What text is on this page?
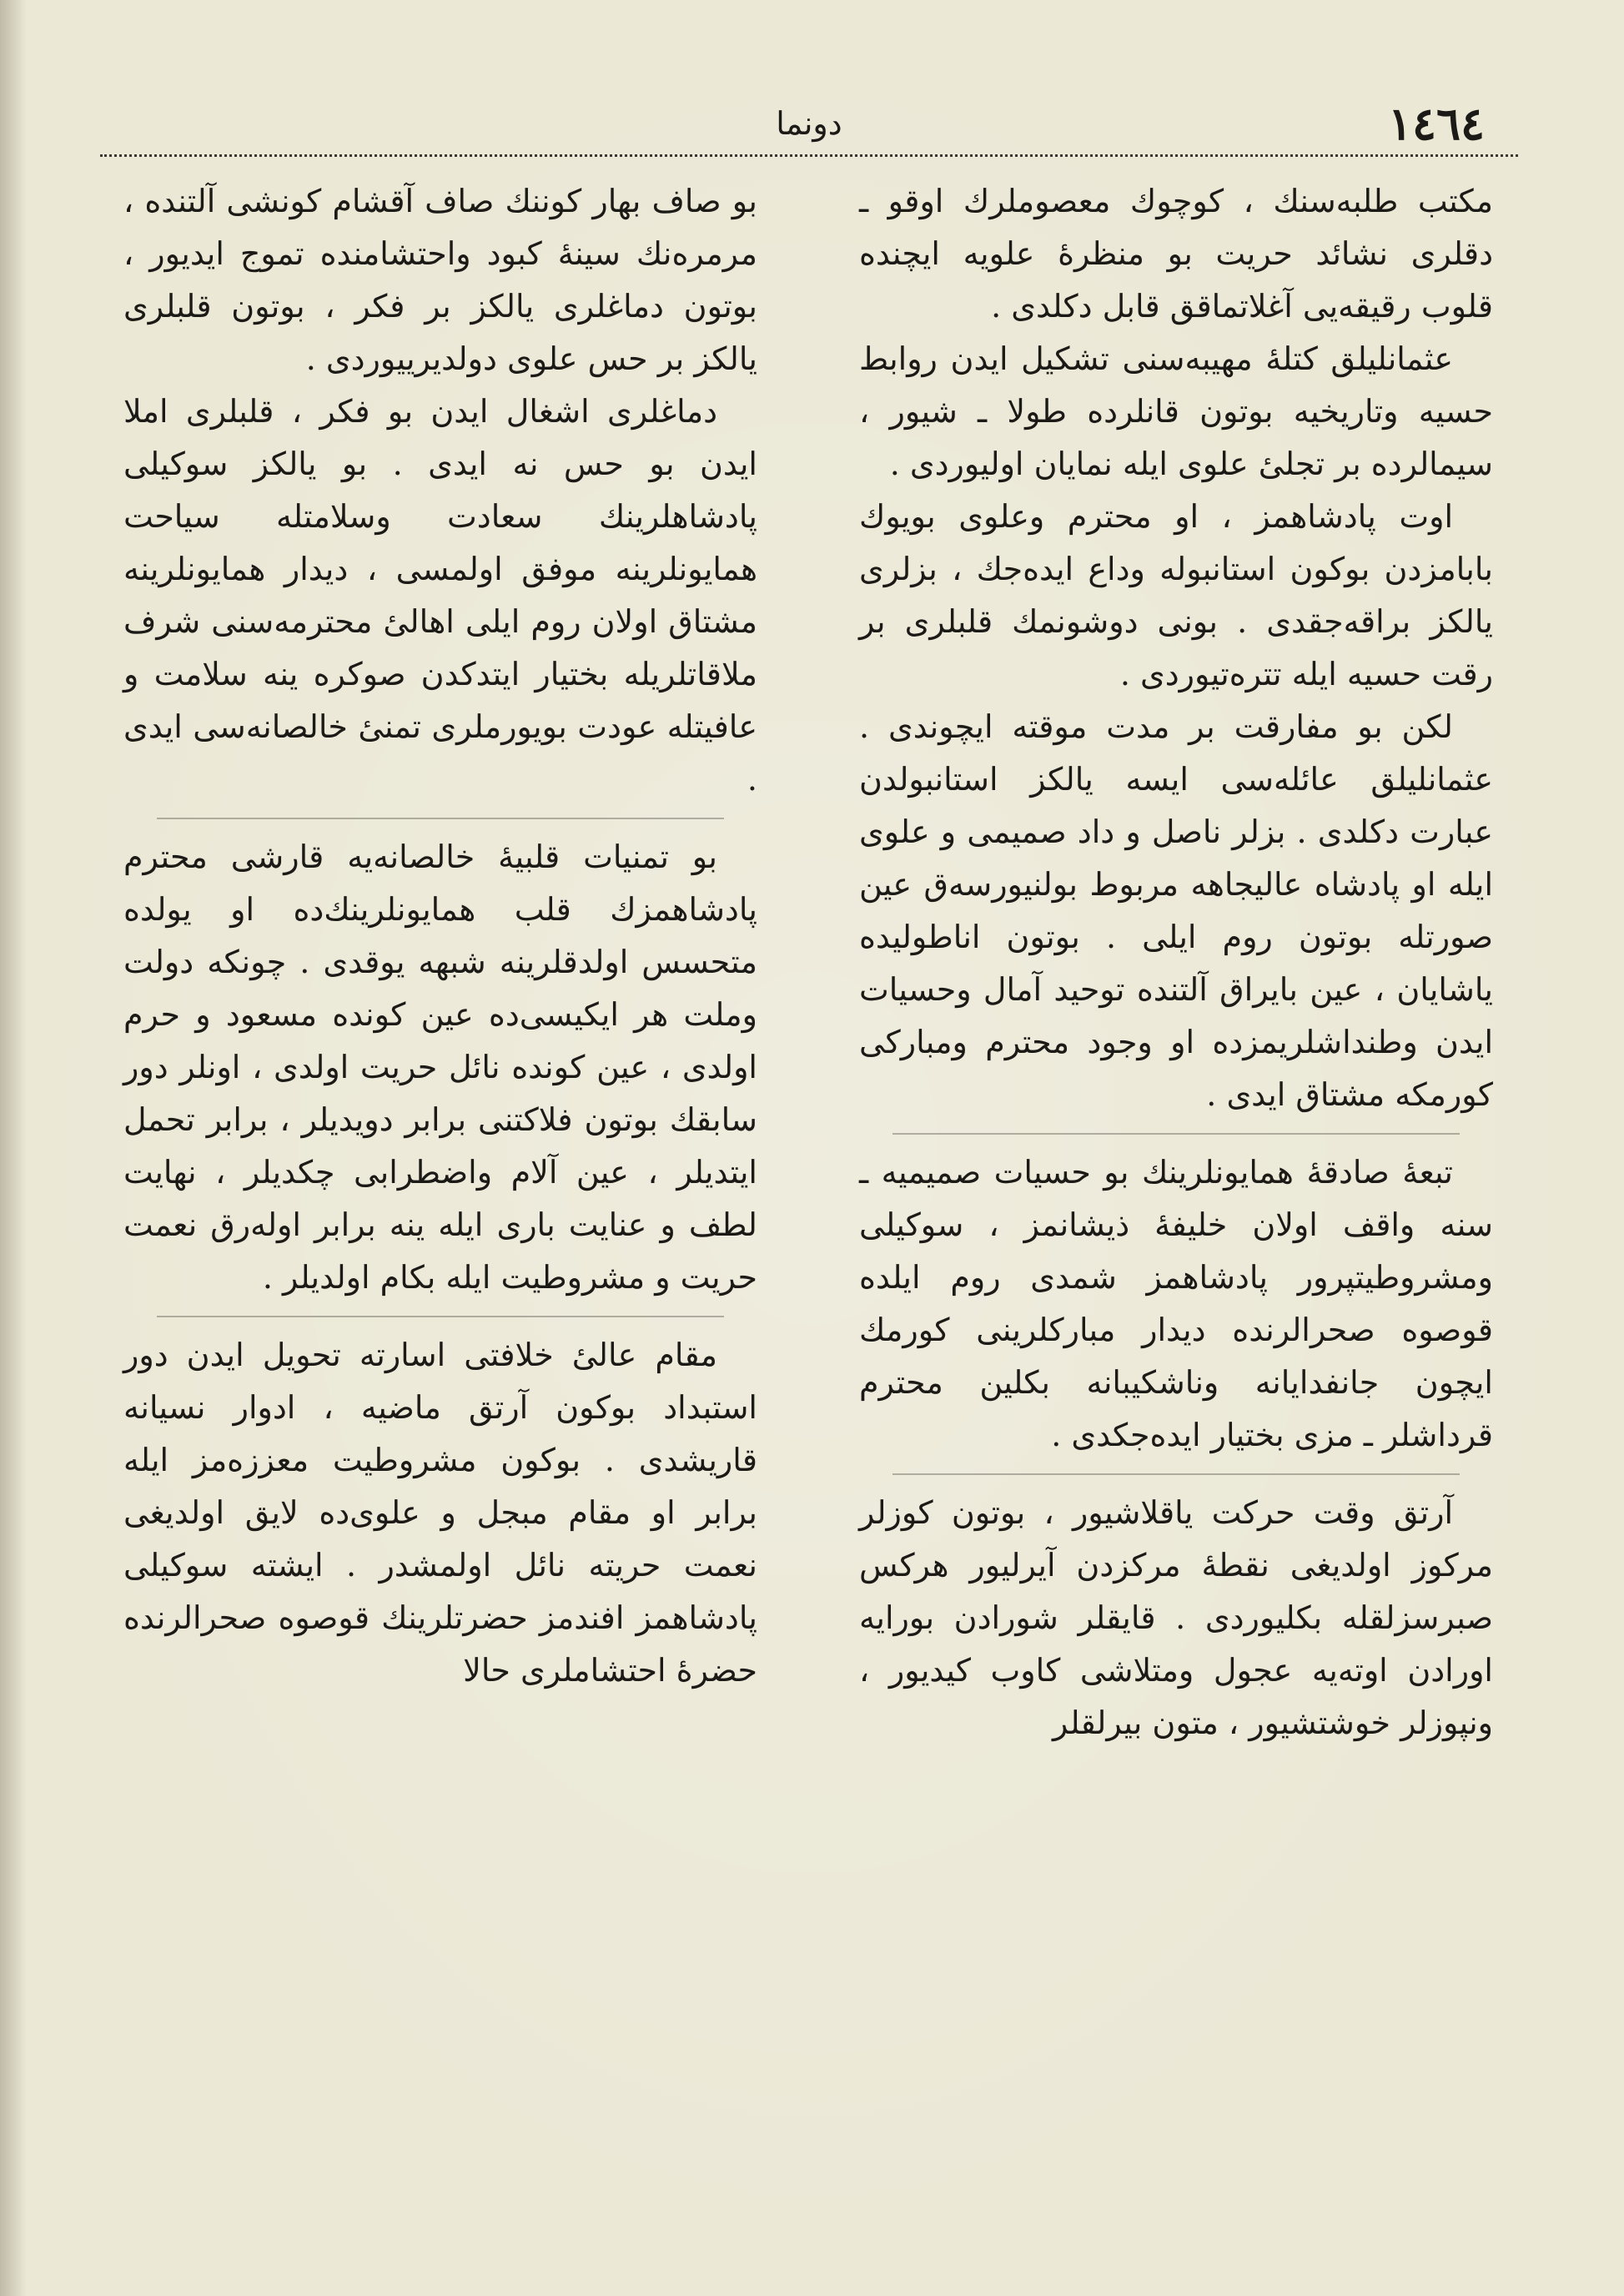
١٤٦٤
دونما

مكتب طلبه‌سنك ، كوچوك معصوملرك اوقو ـ دقلری نشائد حريت بو منظرهٔ علويه ايچنده قلوب رقيقه‌يی آغلاتماقق قابل دكلدی .

عثمانليلق كتلهٔ مهيبه‌سنی تشكيل ايدن روابط حسيه وتاريخيه بوتون قانلرده طولا ـ شيور ، سيمالرده بر تجلیٔ علوی ايله نمايان اوليوردی .

اوت پادشاهمز ، او محترم وعلوی بويوك بابامزدن بوكون استانبوله وداع ايده‌جك ، بزلری يالكز براقه‌جقدی . بونی دوشونمك قلبلری بر رقت حسيه ايله تتره‌تيوردی .

لكن بو مفارقت بر مدت موقته ايچوندی . عثمانليلق عائله‌سی ايسه يالكز استانبولدن عبارت دكلدی . بزلر ناصل و داد صميمی و علوی ايله او پادشاه عاليجاهه مربوط بولنيورسه‌ق عين صورتله بوتون روم ايلی . بوتون اناطوليده ياشايان ، عين بايراق آلتنده توحيد آمال وحسيات ايدن وطنداشلريمزده او وجود محترم ومباركی كورمكه مشتاق ايدی .

تبعهٔ صادقهٔ همايونلرينك بو حسيات صميميه ـ سنه واقف اولان خليفهٔ ذيشانمز ، سوكيلی ومشروطيتپرور پادشاهمز شمدی روم ايلده قوصوه صحرالرنده ديدار مباركلرينی كورمك ايچون جانفدايانه وناشكيبانه بكلين محترم قرداشلر ـ مزی بختيار ايده‌جكدی .

آرتق وقت حركت ياقلاشيور ، بوتون كوزلر مركوز اولديغی نقطهٔ مركزدن آيرليور هركس صبرسزلقله بكليوردی . قايقلر شورادن بورايه اورادن اوته‌يه عجول ومتلاشی كاوب كيديور ، ونپوزلر خوشتشيور ، متون بيرلقلر

بو صاف بهار كوننك صاف آقشام كونشی آلتنده ، مرمره‌نك سينهٔ كبود واحتشامنده تموج ايديور ، بوتون دماغلری يالكز بر فكر ، بوتون قلبلری يالكز بر حس علوی دولديرييوردی .

دماغلری اشغال ايدن بو فكر ، قلبلری املا ايدن بو حس نه ايدی . بو يالكز سوكيلی پادشاهلرينك سعادت وسلامتله سياحت همايونلرينه موفق اولمسی ، ديدار همايونلرينه مشتاق اولان روم ايلی اهالیٔ محترمه‌سنی شرف ملاقاتلريله بختيار ايتدكدن صوكره ينه سلامت و عافيتله عودت بويورملری تمنیٔ خالصانه‌سی ايدی .

بو تمنيات قلبيهٔ خالصانه‌يه قارشی محترم پادشاهمزك قلب همايونلرينك‌ده او يولده متحسس اولدقلرينه شبهه يوقدی . چونكه دولت وملت هر ايكيسی‌ده عين كونده مسعود و حرم اولدی ، عين كونده نائل حريت اولدی ، اونلر دور سابقك بوتون فلاكتنی برابر دويديلر ، برابر تحمل ايتديلر ، عين آلام واضطرابی چكديلر ، نهايت لطف و عنايت باری ايله ينه برابر اولەرق نعمت حريت و مشروطيت ايله بكام اولديلر .

مقام عالیٔ خلافتی اسارته تحويل ايدن دور استبداد بوكون آرتق ماضيه ، ادوار نسيانه قاريشدی . بوكون مشروطيت معززه‌مز ايله برابر او مقام مبجل و علوی‌ده لايق اولديغی نعمت حريته نائل اولمشدر . ايشته سوكيلی پادشاهمز افندمز حضرتلرينك قوصوه صحرالرنده حضرهٔ احتشاملری حالا
